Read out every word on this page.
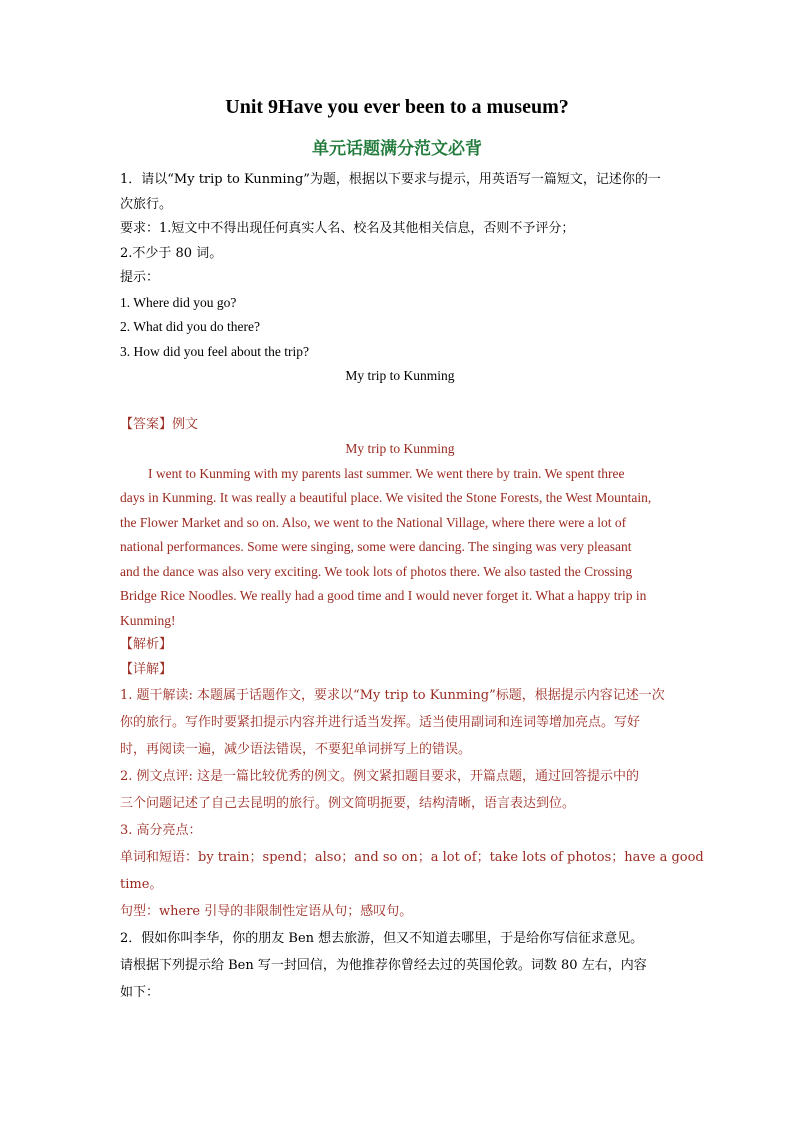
Unit 9Have you ever been to a museum?
单元话题满分范文必背
1．请以“My trip to Kunming”为题，根据以下要求与提示，用英语写一篇短文，记述你的一
次旅行。
要求：1.短文中不得出现任何真实人名、校名及其他相关信息，否则不予评分；
2.不少于 80 词。
提示：
1. Where did you go?
2. What did you do there?
3. How did you feel about the trip?
My trip to Kunming
【答案】例文
My trip to Kunming
I went to Kunming with my parents last summer. We went there by train. We spent three
days in Kunming. It was really a beautiful place. We visited the Stone Forests, the West Mountain,
the Flower Market and so on. Also, we went to the National Village, where there were a lot of
national performances. Some were singing, some were dancing. The singing was very pleasant
and the dance was also very exciting. We took lots of photos there. We also tasted the Crossing
Bridge Rice Noodles. We really had a good time and I would never forget it. What a happy trip in
Kunming!
【解析】
【详解】
1. 题干解读: 本题属于话题作文，要求以“My trip to Kunming”标题，根据提示内容记述一次
你的旅行。写作时要紧扣提示内容并进行适当发挥。适当使用副词和连词等增加亮点。写好
时，再阅读一遍，减少语法错误，不要犯单词拼写上的错误。
2. 例文点评: 这是一篇比较优秀的例文。例文紧扣题目要求，开篇点题，通过回答提示中的
三个问题记述了自己去昆明的旅行。例文简明扼要，结构清晰，语言表达到位。
3. 高分亮点：
单词和短语：by train；spend；also；and so on；a lot of；take lots of photos；have a good
time。
句型：where 引导的非限制性定语从句；感叹句。
2．假如你叫李华，你的朋友 Ben 想去旅游，但又不知道去哪里，于是给你写信征求意见。
请根据下列提示给 Ben 写一封回信，为他推荐你曾经去过的英国伦敦。词数 80 左右，内容
如下：
